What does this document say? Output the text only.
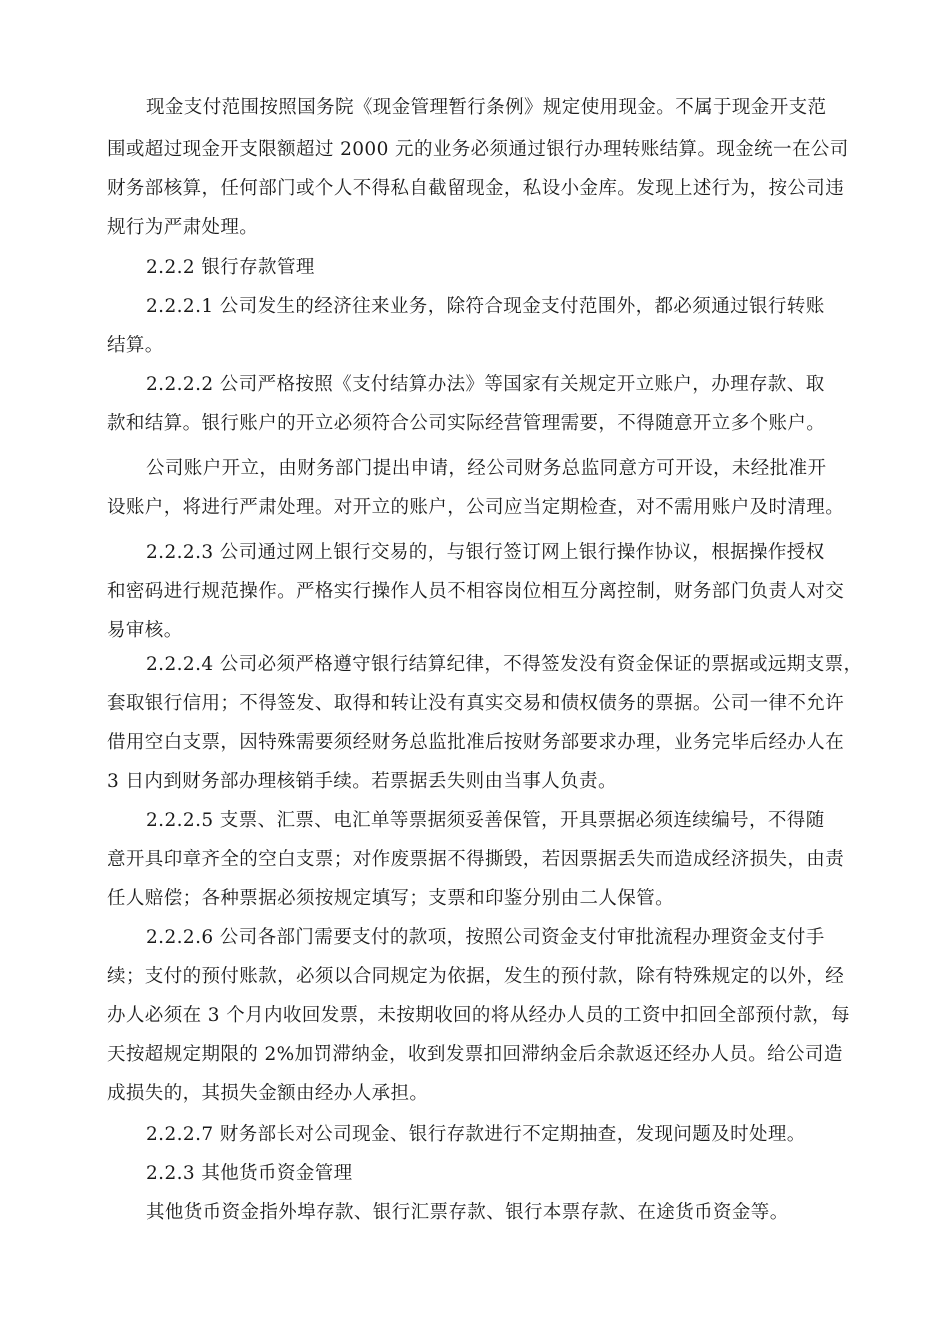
现金支付范围按照国务院《现金管理暂行条例》规定使用现金。不属于现金开支范
围或超过现金开支限额超过 2000 元的业务必须通过银行办理转账结算。现金统一在公司
财务部核算，任何部门或个人不得私自截留现金，私设小金库。发现上述行为，按公司违
规行为严肃处理。
2.2.2 银行存款管理
2.2.2.1 公司发生的经济往来业务，除符合现金支付范围外，都必须通过银行转账
结算。
2.2.2.2 公司严格按照《支付结算办法》等国家有关规定开立账户，办理存款、取
款和结算。银行账户的开立必须符合公司实际经营管理需要，不得随意开立多个账户。
公司账户开立，由财务部门提出申请，经公司财务总监同意方可开设，未经批准开
设账户，将进行严肃处理。对开立的账户，公司应当定期检查，对不需用账户及时清理。
2.2.2.3 公司通过网上银行交易的，与银行签订网上银行操作协议，根据操作授权
和密码进行规范操作。严格实行操作人员不相容岗位相互分离控制，财务部门负责人对交
易审核。
2.2.2.4 公司必须严格遵守银行结算纪律，不得签发没有资金保证的票据或远期支票，
套取银行信用；不得签发、取得和转让没有真实交易和债权债务的票据。公司一律不允许
借用空白支票，因特殊需要须经财务总监批准后按财务部要求办理，业务完毕后经办人在
3 日内到财务部办理核销手续。若票据丢失则由当事人负责。
2.2.2.5 支票、汇票、电汇单等票据须妥善保管，开具票据必须连续编号，不得随
意开具印章齐全的空白支票；对作废票据不得撕毁，若因票据丢失而造成经济损失，由责
任人赔偿；各种票据必须按规定填写；支票和印鉴分别由二人保管。
2.2.2.6 公司各部门需要支付的款项，按照公司资金支付审批流程办理资金支付手
续；支付的预付账款，必须以合同规定为依据，发生的预付款，除有特殊规定的以外，经
办人必须在 3 个月内收回发票，未按期收回的将从经办人员的工资中扣回全部预付款，每
天按超规定期限的 2%加罚滞纳金，收到发票扣回滞纳金后余款返还经办人员。给公司造
成损失的，其损失金额由经办人承担。
2.2.2.7 财务部长对公司现金、银行存款进行不定期抽查，发现问题及时处理。
2.2.3 其他货币资金管理
其他货币资金指外埠存款、银行汇票存款、银行本票存款、在途货币资金等。
